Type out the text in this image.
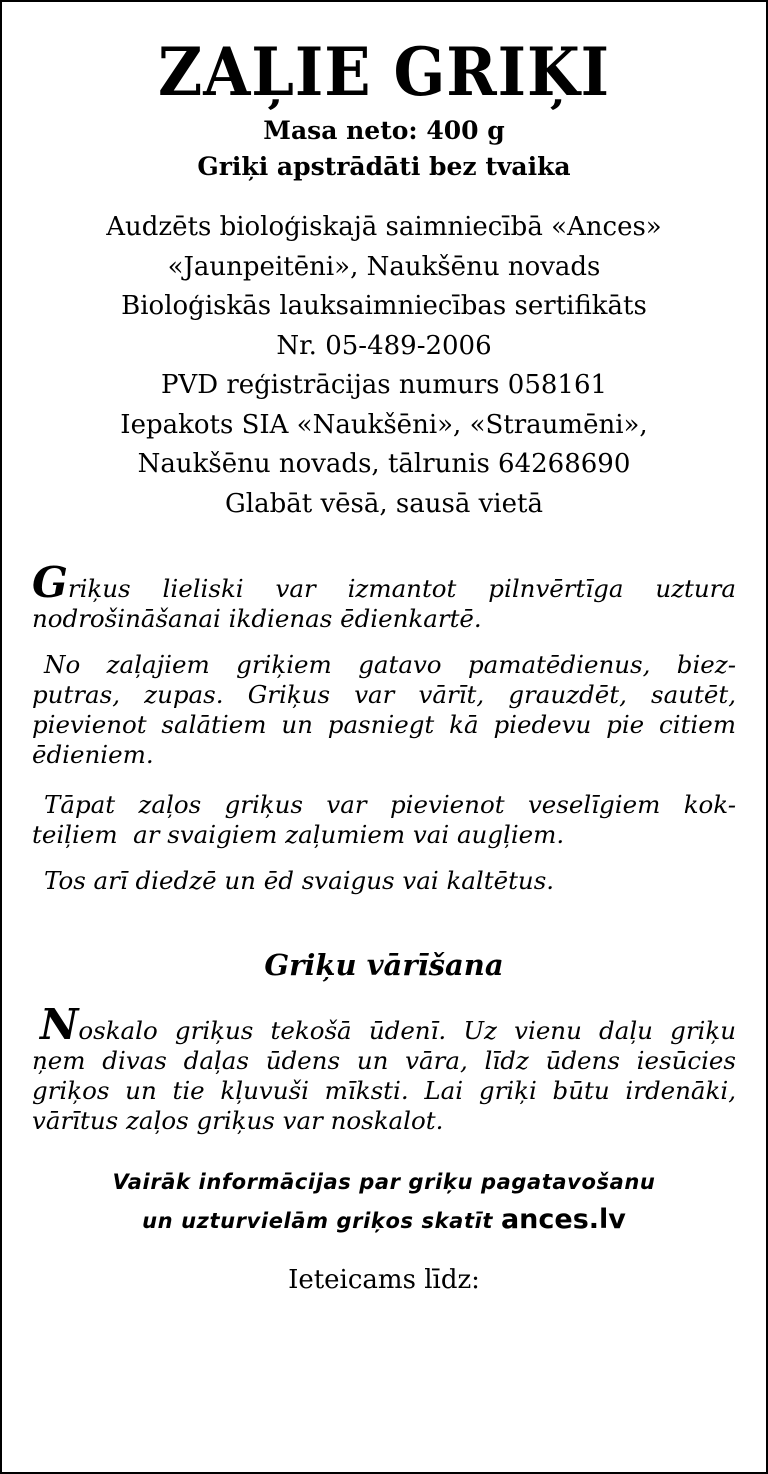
ZAĻIE GRIĶI
Masa neto: 400 g
Griķi apstrādāti bez tvaika
Audzēts bioloģiskajā saimniecībā «Ances»
«Jaunpeitēni», Naukšēnu novads
Bioloģiskās lauksaimniecības sertifikāts
Nr. 05-489-2006
PVD reģistrācijas numurs 058161
Iepakots SIA «Naukšēni», «Straumēni»,
Naukšēnu novads, tālrunis 64268690
Glabāt vēsā, sausā vietā
Griķus lieliski var izmantot pilnvērtīga uztura
nodrošināšanai ikdienas ēdienkartē.
No zaļajiem griķiem gatavo pamatēdienus, biez-
putras, zupas. Griķus var vārīt, grauzdēt, sautēt,
pievienot salātiem un pasniegt kā piedevu pie citiem
ēdieniem.
Tāpat zaļos griķus var pievienot veselīgiem kok-
teiļiem  ar svaigiem zaļumiem vai augļiem.
Tos arī diedzē un ēd svaigus vai kaltētus.
Griķu vārīšana
Noskalo griķus tekošā ūdenī. Uz vienu daļu griķu
ņem divas daļas ūdens un vāra, līdz ūdens iesūcies
griķos un tie kļuvuši mīksti. Lai griķi būtu irdenāki,
vārītus zaļos griķus var noskalot.
Vairāk informācijas par griķu pagatavošanu
un uzturvielām griķos skatīt ances.lv
Ieteicams līdz:
